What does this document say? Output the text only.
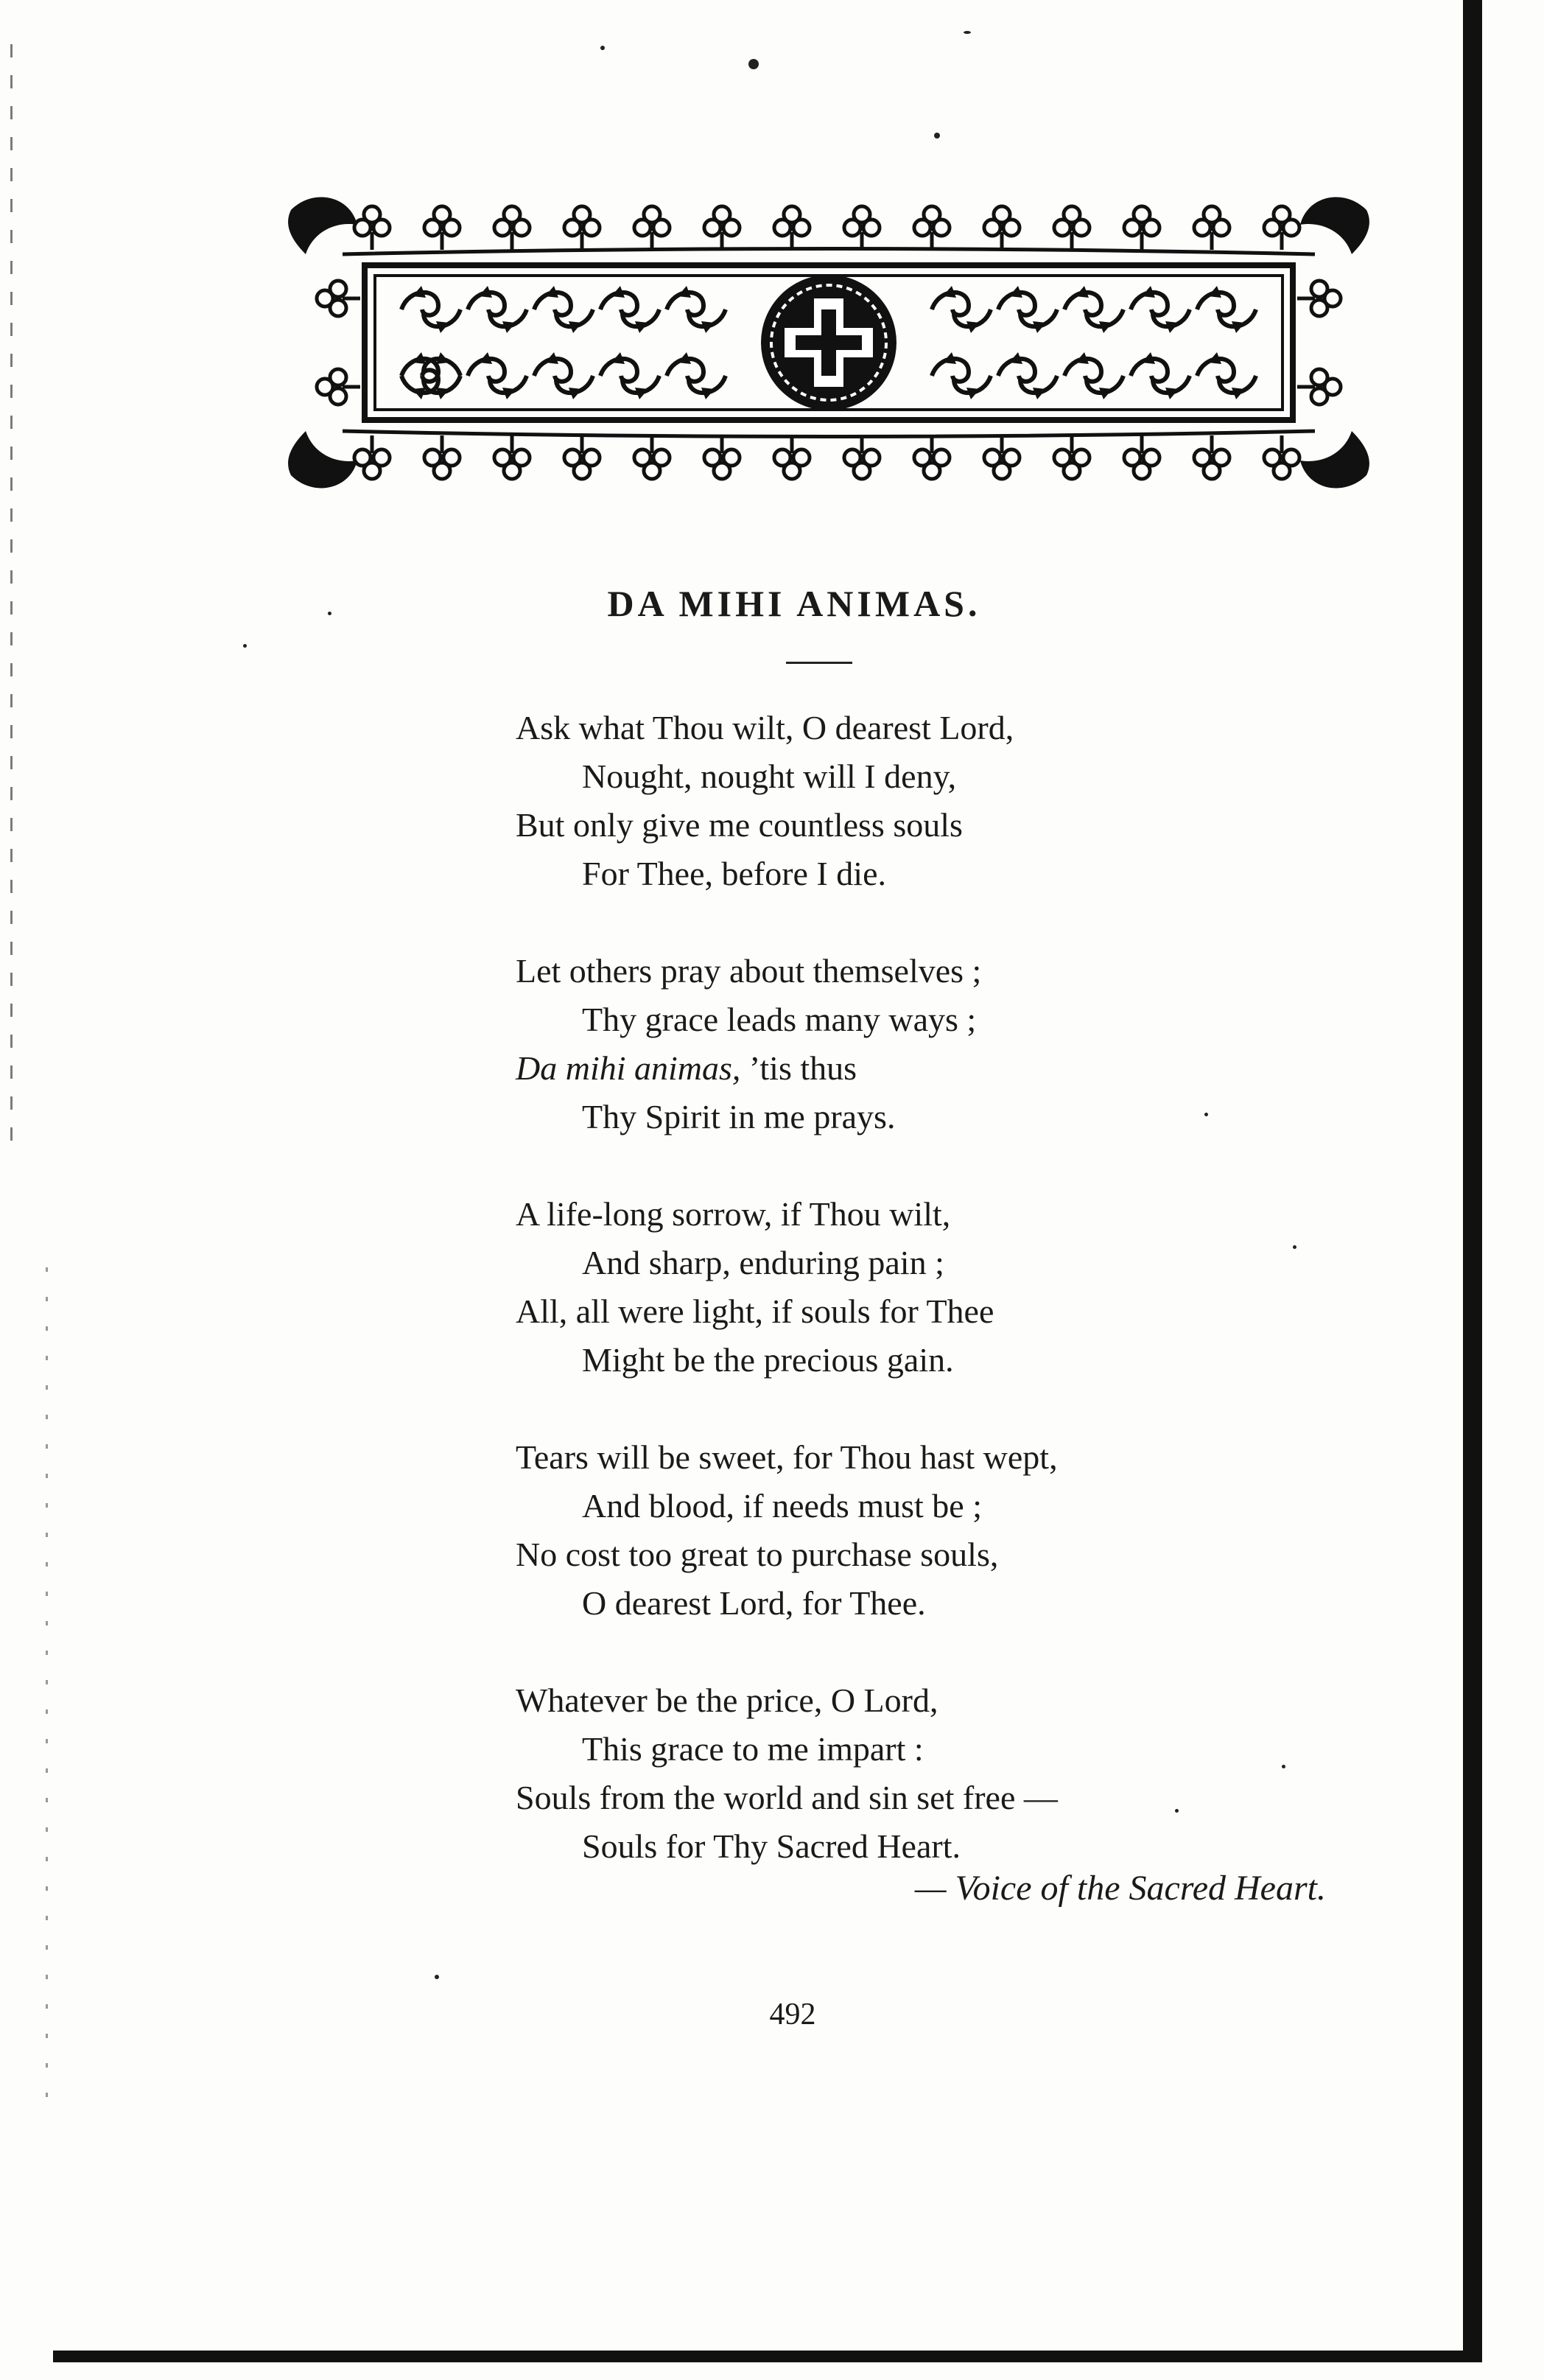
DA MIHI ANIMAS.
Ask what Thou wilt, O dearest Lord,
Nought, nought will I deny,
But only give me countless souls
For Thee, before I die.
Let others pray about themselves ;
Thy grace leads many ways ;
Da mihi animas, ’tis thus
Thy Spirit in me prays.
A life-long sorrow, if Thou wilt,
And sharp, enduring pain ;
All, all were light, if souls for Thee
Might be the precious gain.
Tears will be sweet, for Thou hast wept,
And blood, if needs must be ;
No cost too great to purchase souls,
O dearest Lord, for Thee.
Whatever be the price, O Lord,
This grace to me impart :
Souls from the world and sin set free —
Souls for Thy Sacred Heart.
— Voice of the Sacred Heart.
492
